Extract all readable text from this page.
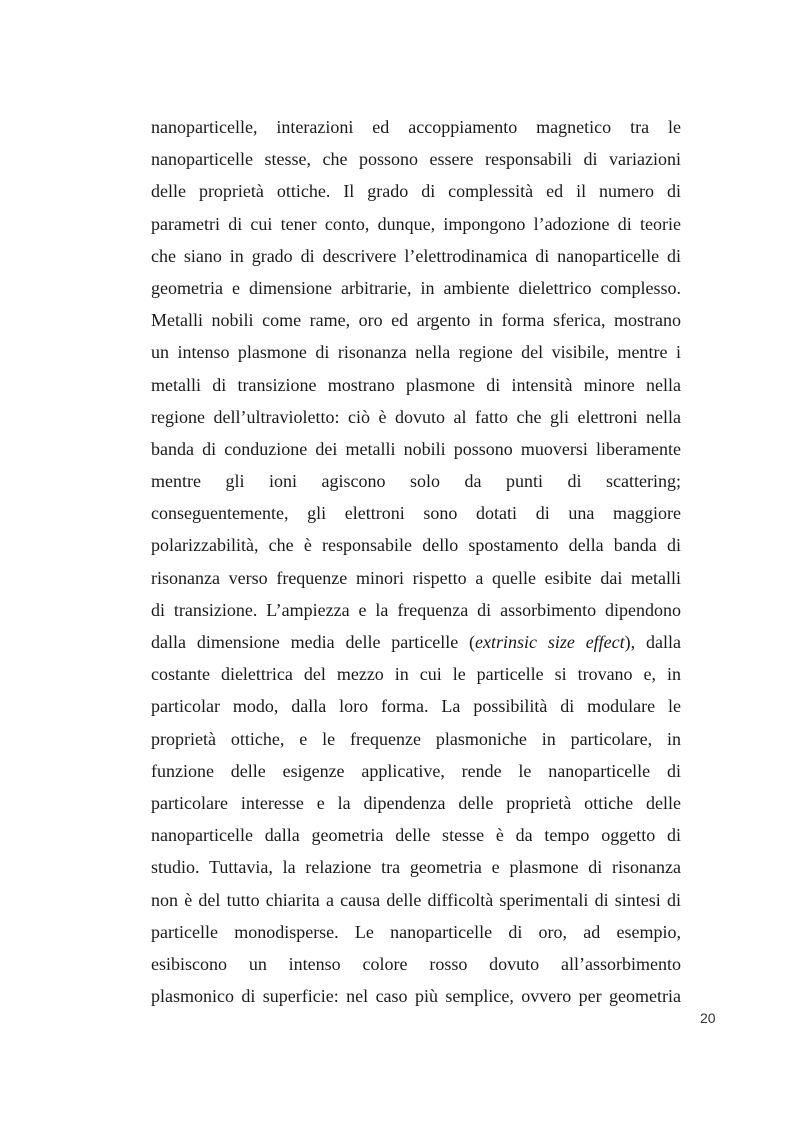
nanoparticelle, interazioni ed accoppiamento magnetico tra le
nanoparticelle stesse, che possono essere responsabili di variazioni
delle proprietà ottiche. Il grado di complessità ed il numero di
parametri di cui tener conto, dunque, impongono l’adozione di teorie
che siano in grado di descrivere l’elettrodinamica di nanoparticelle di
geometria e dimensione arbitrarie, in ambiente dielettrico complesso.
Metalli nobili come rame, oro ed argento in forma sferica, mostrano
un intenso plasmone di risonanza nella regione del visibile, mentre i
metalli di transizione mostrano plasmone di intensità minore nella
regione dell’ultravioletto: ciò è dovuto al fatto che gli elettroni nella
banda di conduzione dei metalli nobili possono muoversi liberamente
mentre gli ioni agiscono solo da punti di scattering;
conseguentemente, gli elettroni sono dotati di una maggiore
polarizzabilità, che è responsabile dello spostamento della banda di
risonanza verso frequenze minori rispetto a quelle esibite dai metalli
di transizione. L’ampiezza e la frequenza di assorbimento dipendono
dalla dimensione media delle particelle (extrinsic size effect), dalla
costante dielettrica del mezzo in cui le particelle si trovano e, in
particolar modo, dalla loro forma. La possibilità di modulare le
proprietà ottiche, e le frequenze plasmoniche in particolare, in
funzione delle esigenze applicative, rende le nanoparticelle di
particolare interesse e la dipendenza delle proprietà ottiche delle
nanoparticelle dalla geometria delle stesse è da tempo oggetto di
studio. Tuttavia, la relazione tra geometria e plasmone di risonanza
non è del tutto chiarita a causa delle difficoltà sperimentali di sintesi di
particelle monodisperse. Le nanoparticelle di oro, ad esempio,
esibiscono un intenso colore rosso dovuto all’assorbimento
plasmonico di superficie: nel caso più semplice, ovvero per geometria
20
